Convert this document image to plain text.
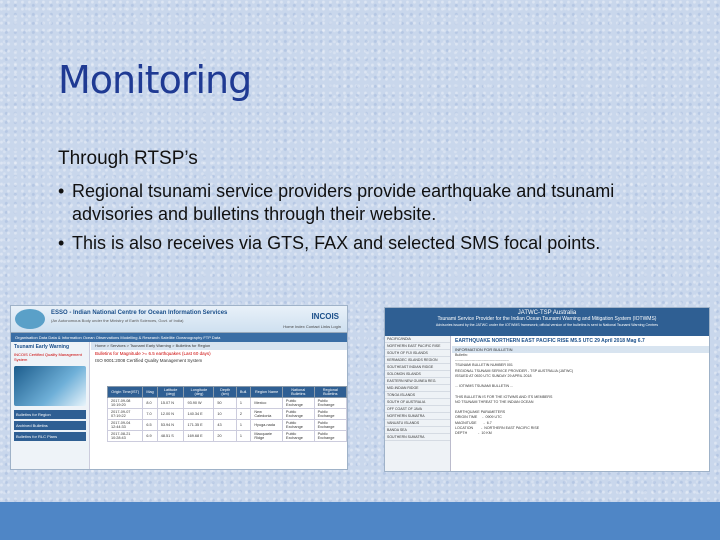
Monitoring
Through RTSP’s
• Regional tsunami service providers provide earthquake and tsunami advisories and bulletins through their website.
• This is also receives via GTS, FAX and selected SMS focal points.
ESSO - Indian National Centre for Ocean Information Services
(An Autonomous Body under the Ministry of Earth Sciences, Govt. of India)	INCOIS
Home Index Contact Links Login
Organisation Data Data & Information Ocean Observations Modelling & Research Satellite Oceanography FTP Data
Tsunami Early Warning
INCOIS Certified Quality Management System
Bulletins for Region
Archived Bulletins
Bulletins for RLC Plans
Home > Services > Tsunami Early Warning > Bulletins for Region
Bulletins for Magnitude >= 6.5 earthquakes (Last 60 days)
ISO 9001:2008 Certified Quality Management System
Origin Time(IST)	Mag	Latitude (deg)	Longitude (deg)	Depth (km)	Bull.	Region Name	National Bulletins	Regional Bulletins
2017-09-08 10:19:20	8.0	15.07 N	93.90 W	50	1	Mexico	Public Exchange	Public Exchange
2017-09-07 07:19:22	7.0	12.00 N	140.34 E	10	2	New Caledonia	Public Exchange	Public Exchange
2017-09-04 12:44:33	6.5	53.94 N	171.35 E	43	1	Hyuga-nada	Public Exchange	Public Exchange
2017-08-21 10:28:43	6.9	48.51 S	169.68 E	20	1	Macquarie Ridge	Public Exchange	Public Exchange
JATWC-TSP Australia
Tsunami Service Provider for the Indian Ocean Tsunami Warning and Mitigation System (IOTWMS)
Advisories issued by the JATWC under the IOTWMS framework; official version of the bulletins is sent to National Tsunami Warning Centres
PACIFIC/INDIA
NORTHERN EAST PACIFIC RISE
SOUTH OF FIJI ISLANDS
KERMADEC ISLANDS REGION
SOUTHEAST INDIAN RIDGE
SOLOMON ISLANDS
EASTERN NEW GUINEA REG.
MID-INDIAN RIDGE
TONGA ISLANDS
SOUTH OF AUSTRALIA
OFF COAST OF JAVA
NORTHERN SUMATRA
VANUATU ISLANDS
BANDA SEA
SOUTHERN SUMATRA
EARTHQUAKE NORTHERN EAST PACIFIC RISE M5.5 UTC 29 April 2018 Mag 6.7
INFORMATION FOR BULLETIN
Bulletin:
---------------------------------------------
TSUNAMI BULLETIN NUMBER 001
REGIONAL TSUNAMI SERVICE PROVIDER - TSP AUSTRALIA (JATWC)
ISSUED AT 0920 UTC SUNDAY 29 APRIL 2018

... IOTWMS TSUNAMI BULLETIN ...

THIS BULLETIN IS FOR THE IOTWMS AND ITS MEMBERS
NO TSUNAMI THREAT TO THE INDIAN OCEAN

EARTHQUAKE PARAMETERS
ORIGIN TIME     -  0909 UTC
MAGNITUDE       -  6.7
LOCATION        -  NORTHERN EAST PACIFIC RISE
DEPTH           -  10 KM
